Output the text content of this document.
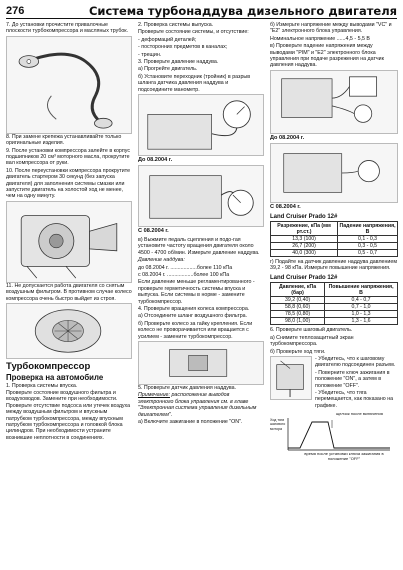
276	Система турбонаддува дизельного двигателя

7. До установки прочистите привалочные плоскости турбокомпрессора и масляных трубок.

8. При замене крепежа устанавливайте только оригинальные изделия.

9. После установки компрессора залейте в корпус подшипников 20 см³ моторного масла, прокрутите вал компрессора от руки.

10. После переустановки компрессора прокрутите двигатель стартером 30 секунд (без запуска двигателя) для заполнения системы смазки или запустите двигатель на холостой ход не менее, чем на одну минуту.

11. Не допускается работа двигателя со снятым воздушным фильтром. В противном случае колесо компрессора очень быстро выйдет из строя.

Турбокомпрессор
Проверка на автомобиле

1. Проверка системы впуска.

Проверьте состояние воздушного фильтра и воздуховодов. Замените при необходимости. Проверьте отсутствие подсоса или утечек воздуха между воздушным фильтром и впускным патрубком турбокомпрессора, между впускным патрубком турбокомпрессора и головкой блока цилиндров. При необходимости устраните возникшие неплотности в соединениях.

2. Проверка системы выпуска.

Проверьте состояние системы, и отсутствие:

- деформаций деталей;

- посторонних предметов в каналах;

- трещин.

3. Проверьте давление наддува.

а) Прогрейте двигатель.

б) Установите переходник (тройник) в разрыв шланга датчика давления наддува и подсоедините манометр.

До 08.2004 г.
С 08.2004 г.

в) Выжмите педаль сцепления и подо-гая установите частоту вращения двигателя около 4500 - 4700 об/мин. Измерьте давление наддува.

Давление наддува:

до 08.2004 г. ..................более 110 кПа

с 08.2004 г. ..................более 100 кПа

Если давление меньше регламентированного - проверьте герметичность системы впуска и выпуска. Если системы в норме - замените турбокомпрессор.

4. Проверьте вращения колеса компрессора.

а) Отсоедините шланг воздушного фильтра.

б) Проверьте колесо за гайку крепления. Если колесо не проворачивается или вращается с усилием - замените турбокомпрессор.

5. Проверьте датчик давления наддува.

Примечание: расположение выводов электронного блока управления см. в главе "Электронная система управления дизельным двигателем".

а) Включите зажигание в положение "ON".

б) Измерьте напряжение между выводами "VC" и "E2" электронного блока управления.

Номинальное напряжение ......4,5 - 5,5 В

в) Проверьте падение напряжения между выводами "PIM" и "E2" электронного блока управления при подаче разрежения на датчик давления наддува.

До 08.2004 г.
С 08.2004 г.
Land Cruiser Prado 12#
Разрежение, кПа (мм рт.ст.)	Падение напряжения, В
13,3 (100)	0,1 - 0,3
26,7 (200)	0,3 - 0,5
40,0 (300)	0,5 - 0,7

г) Подайте на датчик давление наддува давлением 39,2 - 98 кПа. Измерьте повышение напряжения.

Land Cruiser Prado 12#
Давление, кПа (бар)	Повышение напряжения, В
39,2 (0,40)	0,4 - 0,7
58,8 (0,60)	0,7 - 1,0
78,5 (0,80)	1,0 - 1,3
98,0 (1,00)	1,3 - 1,6

6. Проверьте шаговый двигатель.

а) Снимите теплозащитный экран турбокомпрессора.

б) Проверьте ход тяги.

- Убедитесь, что к шаговому двигателю подсоединен разъем.

- Поверните ключ зажигания в положение "ON", а затем в положение "OFF".

- Убедитесь, что тяга перемещается, как показано на графике.

Ход тяги шагового мотора
щелчок после включения
время после установки ключа зажигания в положение "OFF"
